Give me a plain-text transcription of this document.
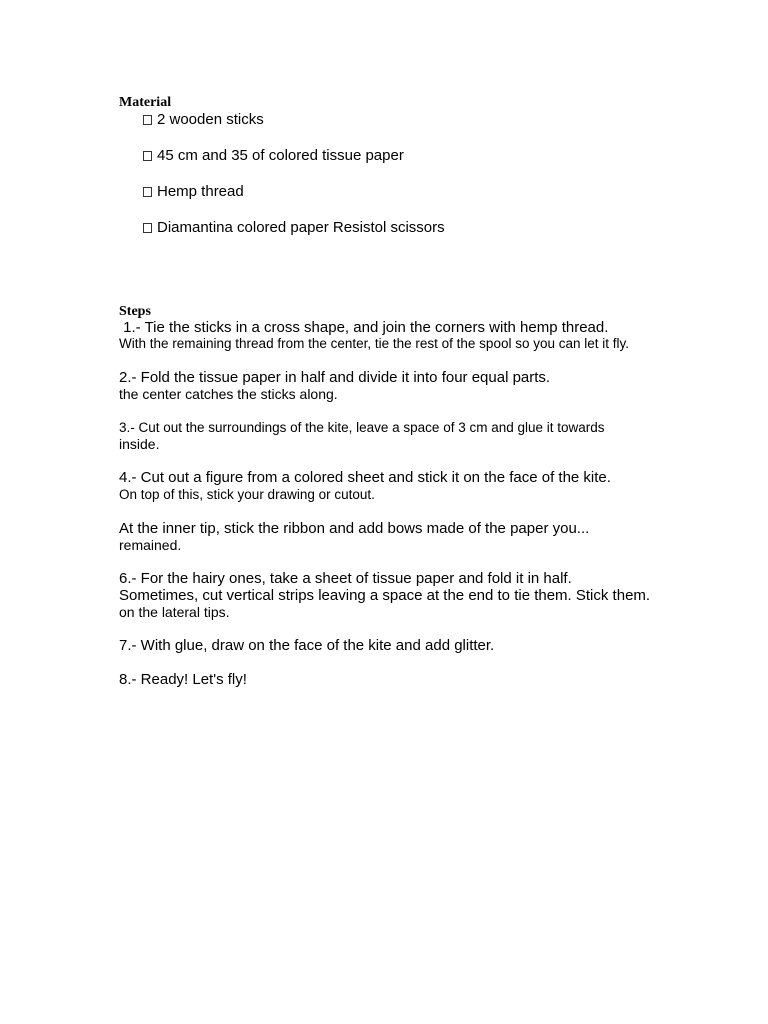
Material
2 wooden sticks
45 cm and 35 of colored tissue paper
Hemp thread
Diamantina colored paper Resistol scissors
Steps
1.- Tie the sticks in a cross shape, and join the corners with hemp thread.
With the remaining thread from the center, tie the rest of the spool so you can let it fly.
2.- Fold the tissue paper in half and divide it into four equal parts.
the center catches the sticks along.
3.- Cut out the surroundings of the kite, leave a space of 3 cm and glue it towards
inside.
4.- Cut out a figure from a colored sheet and stick it on the face of the kite.
On top of this, stick your drawing or cutout.
At the inner tip, stick the ribbon and add bows made of the paper you...
remained.
6.- For the hairy ones, take a sheet of tissue paper and fold it in half.
Sometimes, cut vertical strips leaving a space at the end to tie them. Stick them.
on the lateral tips.
7.- With glue, draw on the face of the kite and add glitter.
8.- Ready! Let's fly!
